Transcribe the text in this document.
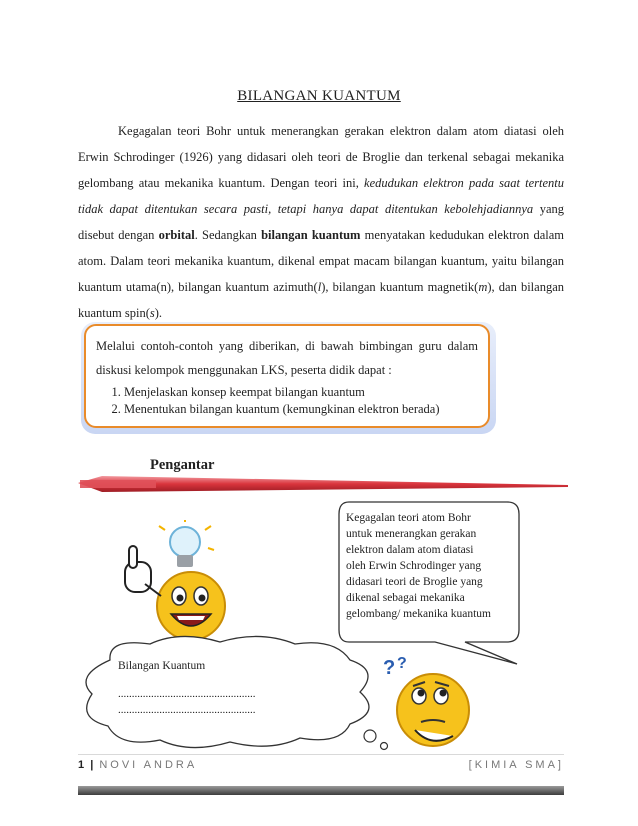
BILANGAN KUANTUM
Kegagalan teori Bohr untuk menerangkan gerakan elektron dalam atom diatasi oleh Erwin Schrodinger (1926) yang didasari oleh teori de Broglie dan terkenal sebagai mekanika gelombang atau mekanika kuantum. Dengan teori ini, kedudukan elektron pada saat tertentu tidak dapat ditentukan secara pasti, tetapi hanya dapat ditentukan kebolehjadiannya yang disebut dengan orbital. Sedangkan bilangan kuantum menyatakan kedudukan elektron dalam atom. Dalam teori mekanika kuantum, dikenal empat macam bilangan kuantum, yaitu bilangan kuantum utama(n), bilangan kuantum azimuth(l), bilangan kuantum magnetik(m), dan bilangan kuantum spin(s).

Melalui contoh-contoh yang diberikan, di bawah bimbingan guru dalam diskusi kelompok menggunakan LKS, peserta didik dapat :

1. Menjelaskan konsep keempat bilangan kuantum
2. Menentukan bilangan kuantum (kemungkinan elektron berada)
Pengantar
Kegagalan teori atom Bohr untuk menerangkan gerakan elektron dalam atom diatasi oleh Erwin Schrodinger yang didasari teori de Broglie yang dikenal sebagai mekanika gelombang/ mekanika kuantum
Bilangan Kuantum
..................................................
..................................................
? ?
1 | NOVI ANDRA	[KIMIA SMA]
